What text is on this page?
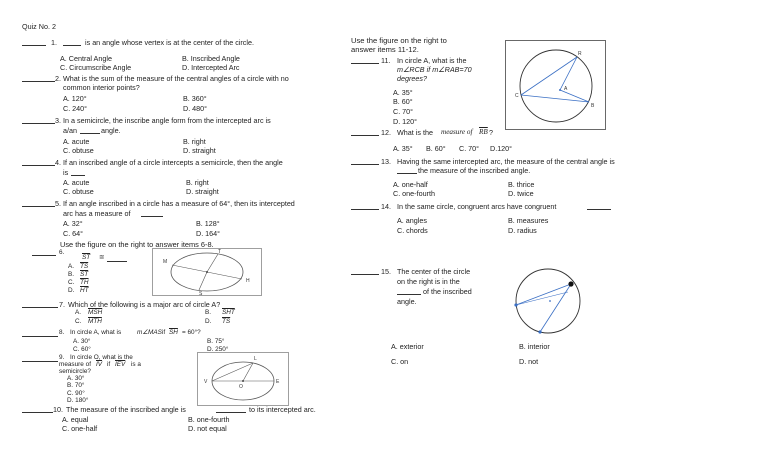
Quiz No. 2
1.	is an angle whose vertex is at the center of the circle.
A. Central Angle	B. Inscribed Angle
C. Circumscribe Angle	D. Intercepted Arc
2. What is the sum of the measure of the central angles of a circle with no
common interior points?
A. 120°	B. 360°
C. 240°	D. 480°
3. In a semicircle, the inscribe angle form from the intercepted arc is
a/an	angle.
A. acute	B. right
C. obtuse	D. straight
4. If an inscribed angle of a circle intercepts a semicircle, then the angle
is
A. acute	B. right
C. obtuse	D. straight
5. If an angle inscribed in a circle has a measure of 64°, then its intercepted
arc has a measure of
A. 32°	B. 128°
C. 64°	D. 164°
Use the figure on the right to answer items 6-8.
6.
$\overline{ST}$ ≅
A. $\overline{TS}$
B. $\overline{ST}$
C. $\overline{TH}$
D. $\overline{HT}$
M
T
H
S
7. Which of the following is a major arc of circle A?
A. $\overline{MSH}$	B. $\overline{SHT}$
C. $\overline{MTH}$	D. $\overline{TS}$
8. In circle A, what is m∠MAS if $\overline{SH} = 60^\circ$?
A. 30°	B. 75°
C. 60°	D. 250°
9. In circle O, what is the
measure of $\overline{IV}$ if $\overline{IEV}$ is a
semicircle?
A. 30°
B. 70°
C. 90°
D. 180°
L
V	E
O
10. The measure of the inscribed angle is	to its intercepted arc.
A. equal	B. one-fourth
C. one-half	D. not equal
Use the figure on the right to
answer items 11-12.
11. In circle A, what is the
m∠RCB if m∠RAB=70
degrees?
A. 35°
B. 60°
C. 70°
D. 120°
R
C
A
B
12. What is the measure of $\overline{RB}$ ?
A. 35° B. 60° C. 70° D.120°
13. Having the same intercepted arc, the measure of the central angle is
the measure of the inscribed angle.
A. one-half	B. thrice
C. one-fourth	D. twice
14. In the same circle, congruent arcs have congruent
A. angles	B. measures
C. chords	D. radius
15. The center of the circle
on the right is in the
of the inscribed
angle.
A. exterior	B. interior
C. on	D. not
